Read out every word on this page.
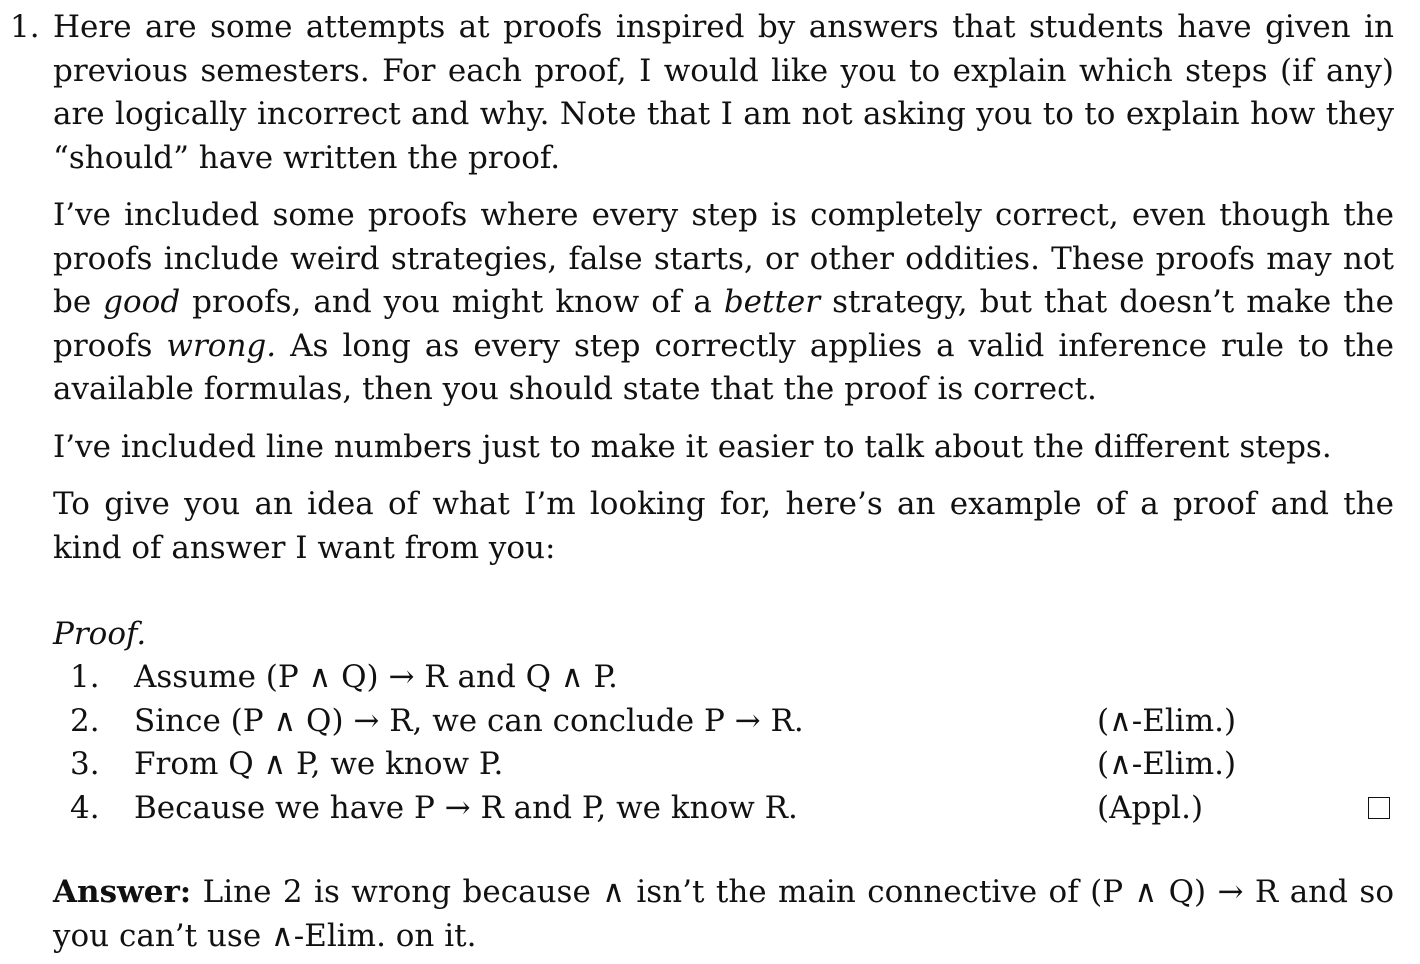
1. Here are some attempts at proofs inspired by answers that students have given in previous semesters. For each proof, I would like you to explain which steps (if any) are logically incorrect and why. Note that I am not asking you to to explain how they “should” have written the proof.

I’ve included some proofs where every step is completely correct, even though the proofs include weird strategies, false starts, or other oddities. These proofs may not be good proofs, and you might know of a better strategy, but that doesn’t make the proofs wrong. As long as every step correctly applies a valid inference rule to the available formulas, then you should state that the proof is correct.

I’ve included line numbers just to make it easier to talk about the different steps.

To give you an idea of what I’m looking for, here’s an example of a proof and the kind of answer I want from you:

Proof.
1. Assume (P ∧ Q) → R and Q ∧ P.
2. Since (P ∧ Q) → R, we can conclude P → R.	(∧-Elim.)
3. From Q ∧ P, we know P.	(∧-Elim.)
4. Because we have P → R and P, we know R.	(Appl.)
Answer: Line 2 is wrong because ∧ isn’t the main connective of (P ∧ Q) → R and so you can’t use ∧-Elim. on it.
